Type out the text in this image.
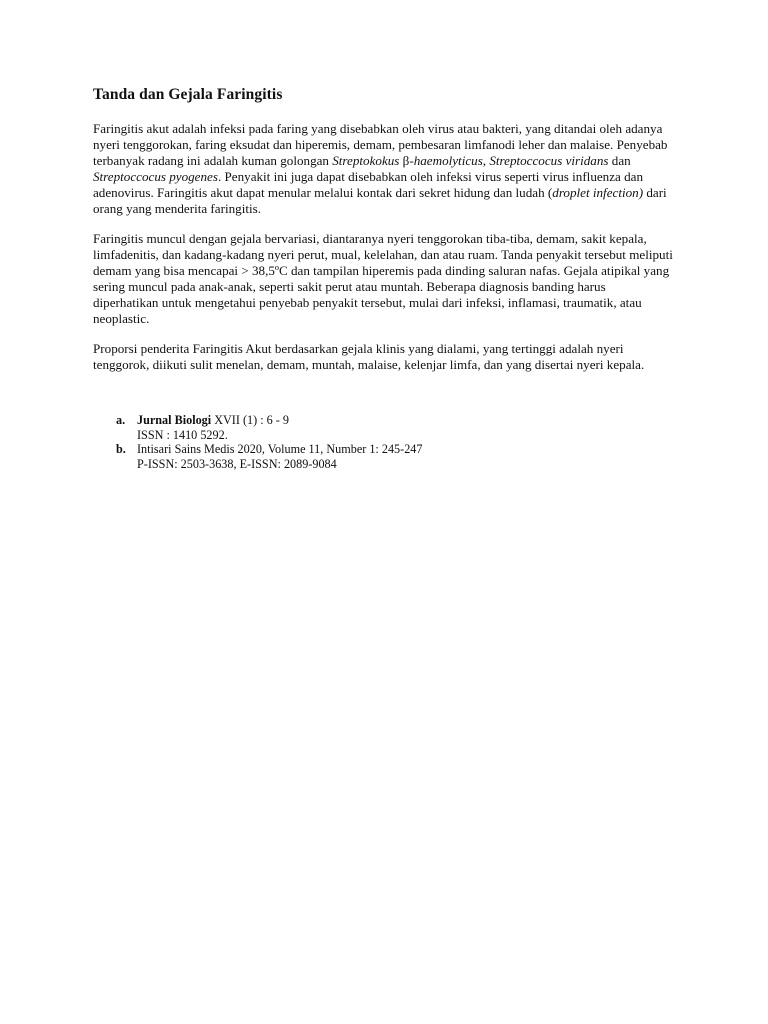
Tanda dan Gejala Faringitis

Faringitis akut adalah infeksi pada faring yang disebabkan oleh virus atau bakteri, yang ditandai oleh adanya nyeri tenggorokan, faring eksudat dan hiperemis, demam, pembesaran limfanodi leher dan malaise. Penyebab terbanyak radang ini adalah kuman golongan Streptokokus β-haemolyticus, Streptoccocus viridans dan Streptoccocus pyogenes. Penyakit ini juga dapat disebabkan oleh infeksi virus seperti virus influenza dan adenovirus. Faringitis akut dapat menular melalui kontak dari sekret hidung dan ludah (droplet infection) dari orang yang menderita faringitis.

Faringitis muncul dengan gejala bervariasi, diantaranya nyeri tenggorokan tiba-tiba, demam, sakit kepala, limfadenitis, dan kadang-kadang nyeri perut, mual, kelelahan, dan atau ruam. Tanda penyakit tersebut meliputi demam yang bisa mencapai > 38,5ºC dan tampilan hiperemis pada dinding saluran nafas. Gejala atipikal yang sering muncul pada anak-anak, seperti sakit perut atau muntah. Beberapa diagnosis banding harus diperhatikan untuk mengetahui penyebab penyakit tersebut, mulai dari infeksi, inflamasi, traumatik, atau neoplastic.

Proporsi penderita Faringitis Akut berdasarkan gejala klinis yang dialami, yang tertinggi adalah nyeri tenggorok, diikuti sulit menelan, demam, muntah, malaise, kelenjar limfa, dan yang disertai nyeri kepala.

a. Jurnal Biologi XVII (1) : 6 - 9
ISSN : 1410 5292.
b. Intisari Sains Medis 2020, Volume 11, Number 1: 245-247
P-ISSN: 2503-3638, E-ISSN: 2089-9084
